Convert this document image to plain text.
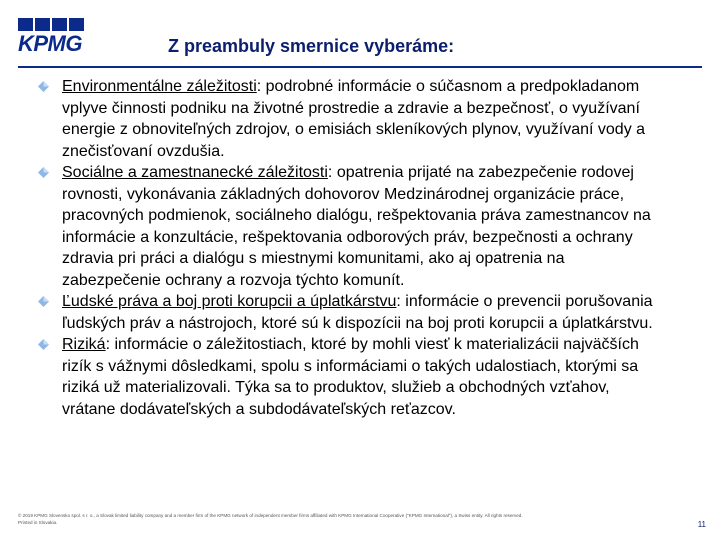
KPMG	Z preambuly smernice vyberáme:

Environmentálne záležitosti: podrobné informácie o súčasnom a predpokladanom vplyve činnosti podniku na životné prostredie a zdravie a bezpečnosť, o využívaní energie z obnoviteľných zdrojov, o emisiách skleníkových plynov, využívaní vody a znečisťovaní ovzdušia.

Sociálne a zamestnanecké záležitosti: opatrenia prijaté na zabezpečenie rodovej rovnosti, vykonávania základných dohovorov Medzinárodnej organizácie práce, pracovných podmienok, sociálneho dialógu, rešpektovania práva zamestnancov na informácie a konzultácie, rešpektovania odborových práv, bezpečnosti a ochrany zdravia pri práci a dialógu s miestnymi komunitami, ako aj opatrenia na zabezpečenie ochrany a rozvoja týchto komunít.

Ľudské práva a boj proti korupcii a úplatkárstvu: informácie o prevencii porušovania ľudských práv a nástrojoch, ktoré sú k dispozícii na boj proti korupcii a úplatkárstvu.

Riziká: informácie o záležitostiach, ktoré by mohli viesť k materializácii najväčších rizík s vážnymi dôsledkami, spolu s informáciami o takých udalostiach, ktorými sa riziká už materializovali. Týka sa to produktov, služieb a obchodných vzťahov, vrátane dodávateľských a subdodávateľských reťazcov.

© 2019 KPMG Slovensko spol. s r. o., a Slovak limited liability company and a member firm of the KPMG network of independent member firms affiliated with KPMG International Cooperative ("KPMG International"), a Swiss entity. All rights reserved. Printed in Slovakia.	11
